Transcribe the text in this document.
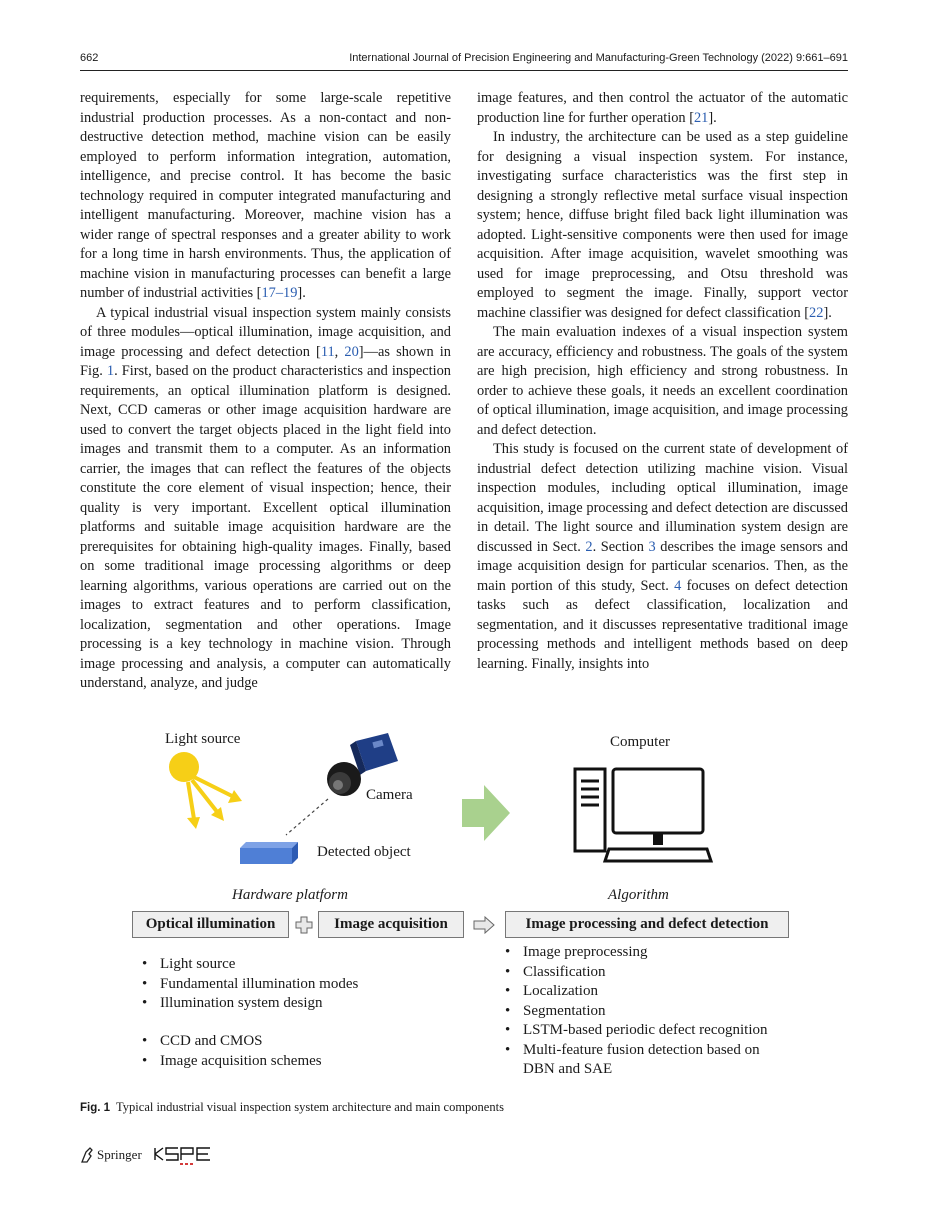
662	International Journal of Precision Engineering and Manufacturing-Green Technology (2022) 9:661–691

requirements, especially for some large-scale repetitive industrial production processes. As a non-contact and non-destructive detection method, machine vision can be easily employed to perform information integration, automation, intelligence, and precise control. It has become the basic technology required in computer integrated manufacturing and intelligent manufacturing. Moreover, machine vision has a wider range of spectral responses and a greater ability to work for a long time in harsh environments. Thus, the application of machine vision in manufacturing processes can benefit a large number of industrial activities [17–19].

A typical industrial visual inspection system mainly consists of three modules—optical illumination, image acquisition, and image processing and defect detection [11, 20]—as shown in Fig. 1. First, based on the product characteristics and inspection requirements, an optical illumination platform is designed. Next, CCD cameras or other image acquisition hardware are used to convert the target objects placed in the light field into images and transmit them to a computer. As an information carrier, the images that can reflect the features of the objects constitute the core element of visual inspection; hence, their quality is very important. Excellent optical illumination platforms and suitable image acquisition hardware are the prerequisites for obtaining high-quality images. Finally, based on some traditional image processing algorithms or deep learning algorithms, various operations are carried out on the images to extract features and to perform classification, localization, segmentation and other operations. Image processing is a key technology in machine vision. Through image processing and analysis, a computer can automatically understand, analyze, and judge

image features, and then control the actuator of the automatic production line for further operation [21].

In industry, the architecture can be used as a step guideline for designing a visual inspection system. For instance, investigating surface characteristics was the first step in designing a strongly reflective metal surface visual inspection system; hence, diffuse bright filed back light illumination was adopted. Light-sensitive components were then used for image acquisition. After image acquisition, wavelet smoothing was used for image preprocessing, and Otsu threshold was employed to segment the image. Finally, support vector machine classifier was designed for defect classification [22].

The main evaluation indexes of a visual inspection system are accuracy, efficiency and robustness. The goals of the system are high precision, high efficiency and strong robustness. In order to achieve these goals, it needs an excellent coordination of optical illumination, image acquisition, and image processing and defect detection.

This study is focused on the current state of development of industrial defect detection utilizing machine vision. Visual inspection modules, including optical illumination, image acquisition, image processing and defect detection are discussed in detail. The light source and illumination system design are discussed in Sect. 2. Section 3 describes the image sensors and image acquisition design for particular scenarios. Then, as the main portion of this study, Sect. 4 focuses on defect detection tasks such as defect classification, localization and segmentation, and it discusses representative traditional image processing methods and intelligent methods based on deep learning. Finally, insights into

Light source
Camera
Detected object
Computer
Hardware platform	Algorithm
Optical illumination	Image acquisition	Image processing and defect detection
• Light source
• Fundamental illumination modes
• Illumination system design
• CCD and CMOS
• Image acquisition schemes
• Image preprocessing
• Classification
• Localization
• Segmentation
• LSTM-based periodic defect recognition
• Multi-feature fusion detection based on DBN and SAE
Fig. 1 Typical industrial visual inspection system architecture and main components
Springer
